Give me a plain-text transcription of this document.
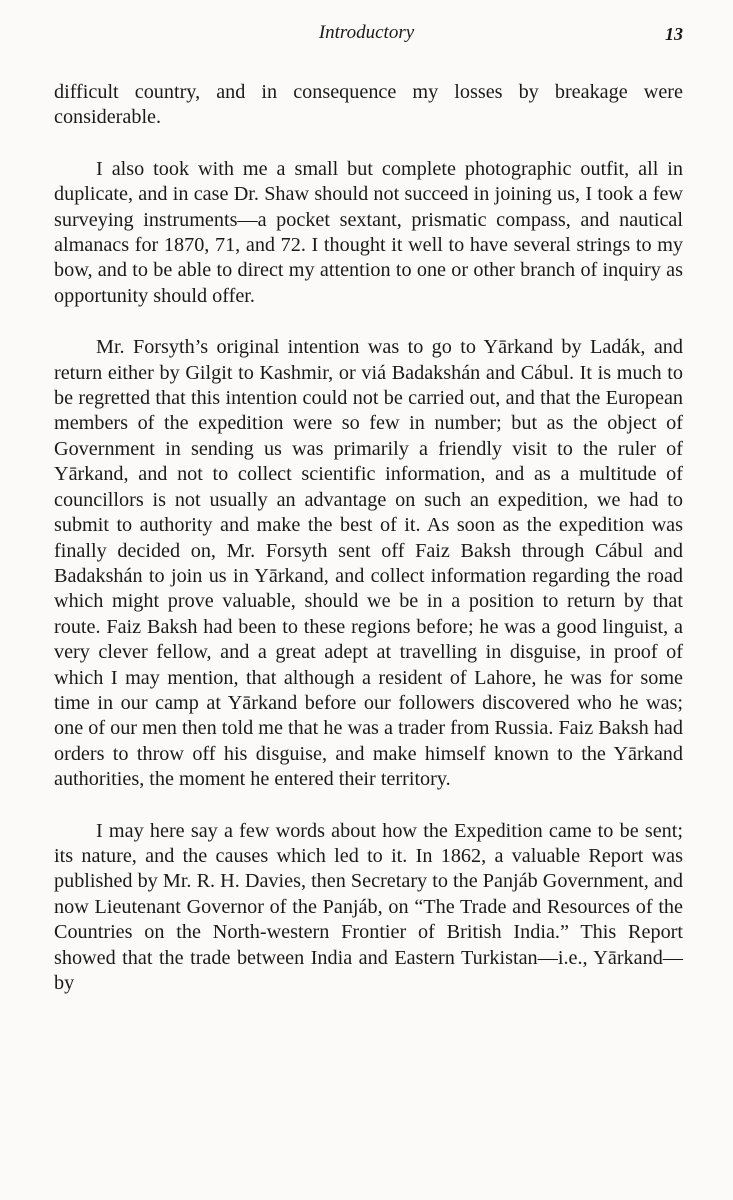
Introductory	13

difficult country, and in consequence my losses by breakage were considerable.

I also took with me a small but complete photographic outfit, all in duplicate, and in case Dr. Shaw should not succeed in joining us, I took a few surveying instruments—a pocket sextant, prismatic compass, and nautical almanacs for 1870, 71, and 72. I thought it well to have several strings to my bow, and to be able to direct my attention to one or other branch of inquiry as opportunity should offer.

Mr. Forsyth’s original intention was to go to Yārkand by Ladák, and return either by Gilgit to Kashmir, or viá Badakshán and Cábul. It is much to be regretted that this intention could not be carried out, and that the European members of the expedition were so few in number; but as the object of Government in sending us was primarily a friendly visit to the ruler of Yārkand, and not to collect scientific information, and as a multitude of councillors is not usually an advantage on such an expedition, we had to submit to authority and make the best of it. As soon as the expedition was finally decided on, Mr. Forsyth sent off Faiz Baksh through Cábul and Badakshán to join us in Yārkand, and collect information regarding the road which might prove valuable, should we be in a position to return by that route. Faiz Baksh had been to these regions before; he was a good linguist, a very clever fellow, and a great adept at travelling in disguise, in proof of which I may mention, that although a resident of Lahore, he was for some time in our camp at Yārkand before our followers discovered who he was; one of our men then told me that he was a trader from Russia. Faiz Baksh had orders to throw off his disguise, and make himself known to the Yārkand authorities, the moment he entered their territory.

I may here say a few words about how the Expedition came to be sent; its nature, and the causes which led to it. In 1862, a valuable Report was published by Mr. R. H. Davies, then Secretary to the Panjáb Government, and now Lieutenant Governor of the Panjáb, on “The Trade and Resources of the Countries on the North-western Frontier of British India.” This Report showed that the trade between India and Eastern Turkistan—i.e., Yārkand—by
